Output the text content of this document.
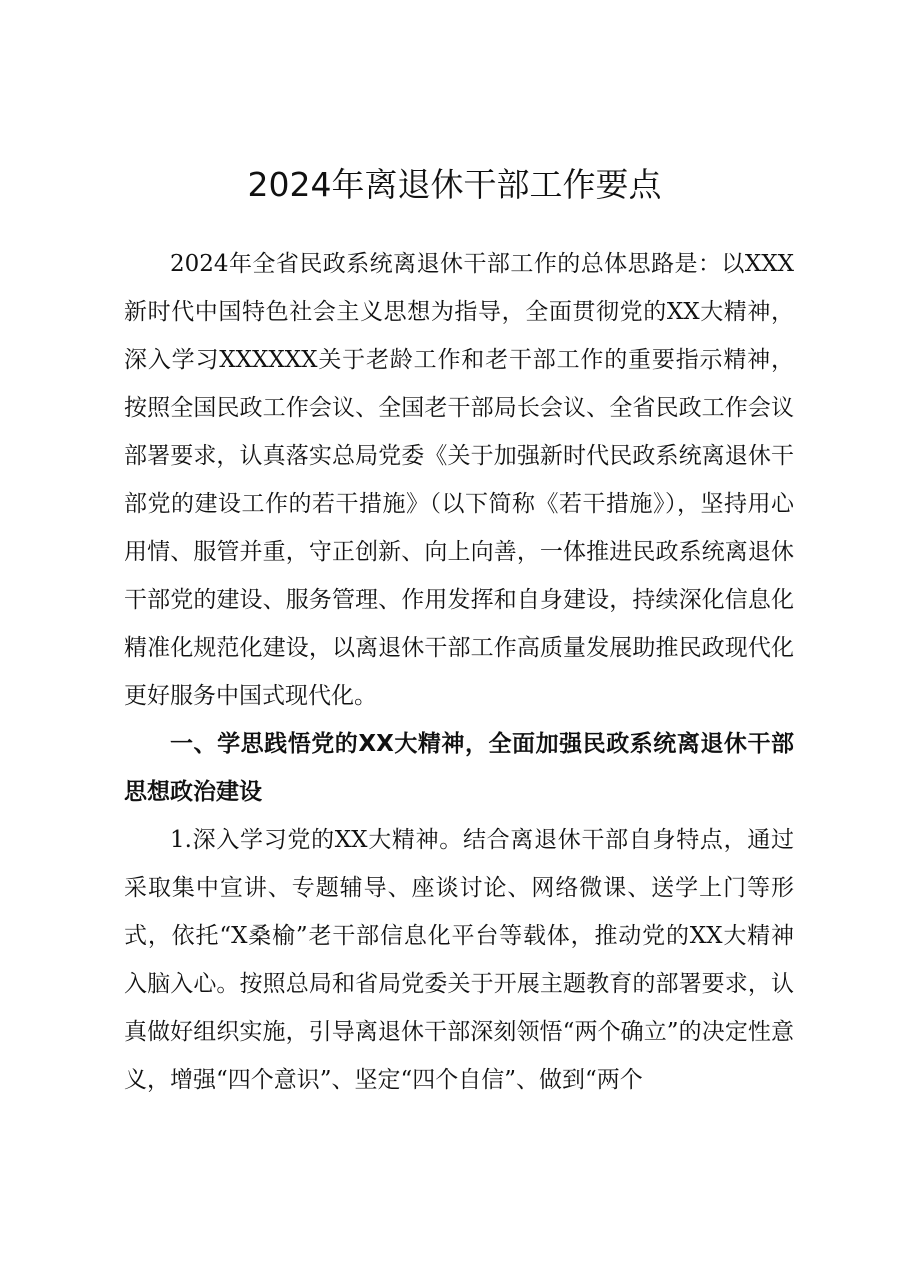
2024年离退休干部工作要点

2024年全省民政系统离退休干部工作的总体思路是：以XXX新时代中国特色社会主义思想为指导，全面贯彻党的XX大精神，深入学习XXXXXX关于老龄工作和老干部工作的重要指示精神，按照全国民政工作会议、全国老干部局长会议、全省民政工作会议部署要求，认真落实总局党委《关于加强新时代民政系统离退休干部党的建设工作的若干措施》（以下简称《若干措施》），坚持用心用情、服管并重，守正创新、向上向善，一体推进民政系统离退休干部党的建设、服务管理、作用发挥和自身建设，持续深化信息化精准化规范化建设，以离退休干部工作高质量发展助推民政现代化更好服务中国式现代化。

一、学思践悟党的XX大精神，全面加强民政系统离退休干部思想政治建设

1.深入学习党的XX大精神。结合离退休干部自身特点，通过采取集中宣讲、专题辅导、座谈讨论、网络微课、送学上门等形式，依托“X桑榆”老干部信息化平台等载体，推动党的XX大精神入脑入心。按照总局和省局党委关于开展主题教育的部署要求，认真做好组织实施，引导离退休干部深刻领悟“两个确立”的决定性意义，增强“四个意识”、坚定“四个自信”、做到“两个
